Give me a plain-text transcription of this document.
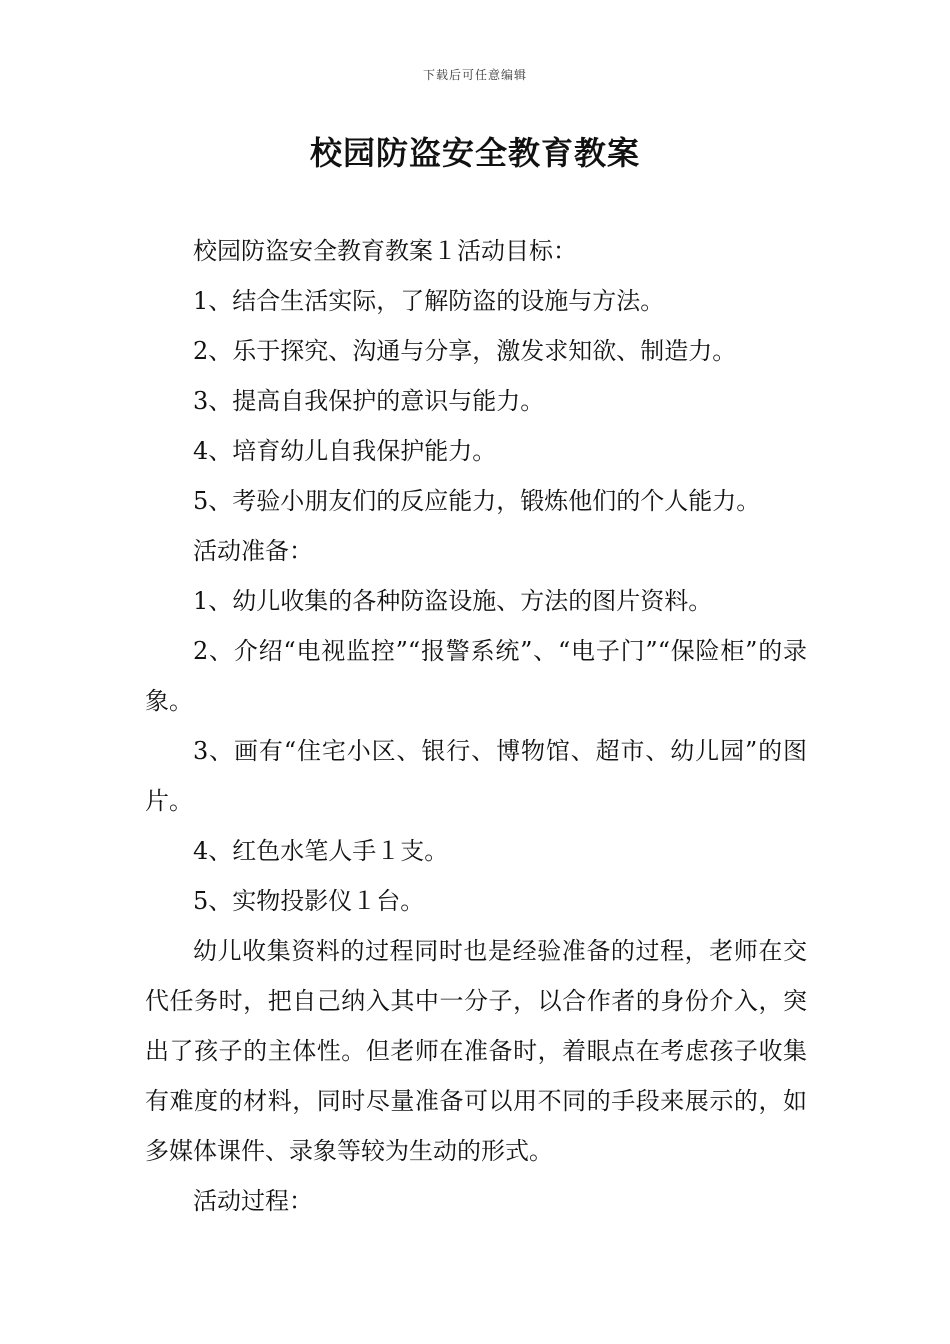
下载后可任意编辑
校园防盗安全教育教案

校园防盗安全教育教案１活动目标：

1、结合生活实际，了解防盗的设施与方法。

2、乐于探究、沟通与分享，激发求知欲、制造力。

3、提高自我保护的意识与能力。

4、培育幼儿自我保护能力。

5、考验小朋友们的反应能力，锻炼他们的个人能力。

活动准备：

1、幼儿收集的各种防盗设施、方法的图片资料。

2、介绍“电视监控”“报警系统”、“电子门”“保险柜”的录象。

3、画有“住宅小区、银行、博物馆、超市、幼儿园”的图片。

4、红色水笔人手１支。

5、实物投影仪１台。

幼儿收集资料的过程同时也是经验准备的过程，老师在交代任务时，把自己纳入其中一分子，以合作者的身份介入，突出了孩子的主体性。但老师在准备时，着眼点在考虑孩子收集有难度的材料，同时尽量准备可以用不同的手段来展示的，如多媒体课件、录象等较为生动的形式。

活动过程：
